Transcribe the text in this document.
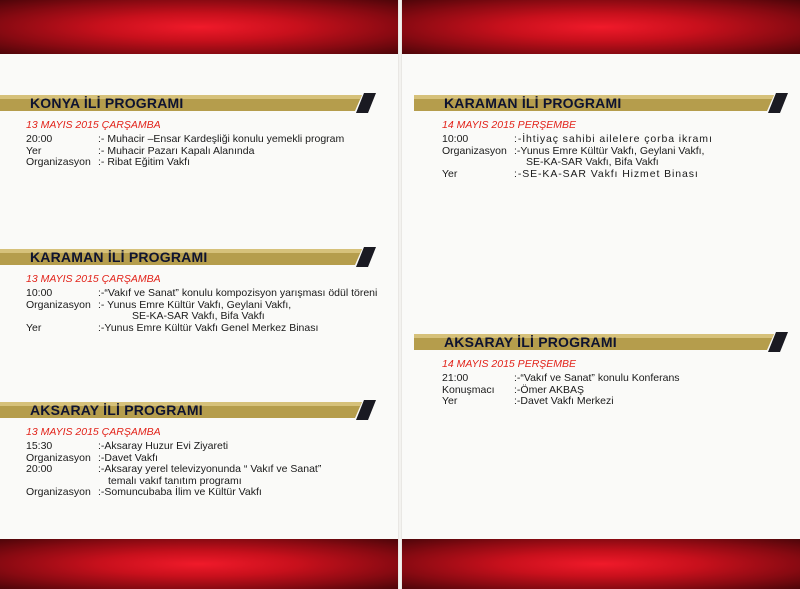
KONYA İLİ PROGRAMI
13 MAYIS 2015 ÇARŞAMBA
20:00	:- Muhacir –Ensar Kardeşliği konulu yemekli program
Yer	:- Muhacir Pazarı Kapalı Alanında
Organizasyon :- Ribat Eğitim Vakfı
KARAMAN İLİ PROGRAMI
13 MAYIS 2015 ÇARŞAMBA
10:00	:-“Vakıf ve Sanat” konulu kompozisyon yarışması ödül töreni
Organizasyon :- Yunus Emre Kültür Vakfı, Geylani Vakfı,
SE-KA-SAR Vakfı, Bifa Vakfı
Yer	:-Yunus Emre Kültür Vakfı Genel Merkez Binası
AKSARAY İLİ PROGRAMI
13 MAYIS 2015 ÇARŞAMBA
15:30	:-Aksaray Huzur Evi Ziyareti
Organizasyon :-Davet Vakfı
20:00	:-Aksaray yerel televizyonunda “ Vakıf ve Sanat”
temalı vakıf tanıtım programı
Organizasyon :-Somuncubaba İlim ve Kültür Vakfı
KARAMAN İLİ PROGRAMI
14 MAYIS 2015 PERŞEMBE
10:00	:-İhtiyaç sahibi ailelere çorba ikramı
Organizasyon :-Yunus Emre Kültür Vakfı, Geylani Vakfı,
SE-KA-SAR Vakfı, Bifa Vakfı
Yer	:-SE-KA-SAR Vakfı Hizmet Binası
AKSARAY İLİ PROGRAMI
14 MAYIS 2015 PERŞEMBE
21:00	:-“Vakıf ve Sanat” konulu Konferans
Konuşmacı	:-Ömer AKBAŞ
Yer	:-Davet Vakfı Merkezi
